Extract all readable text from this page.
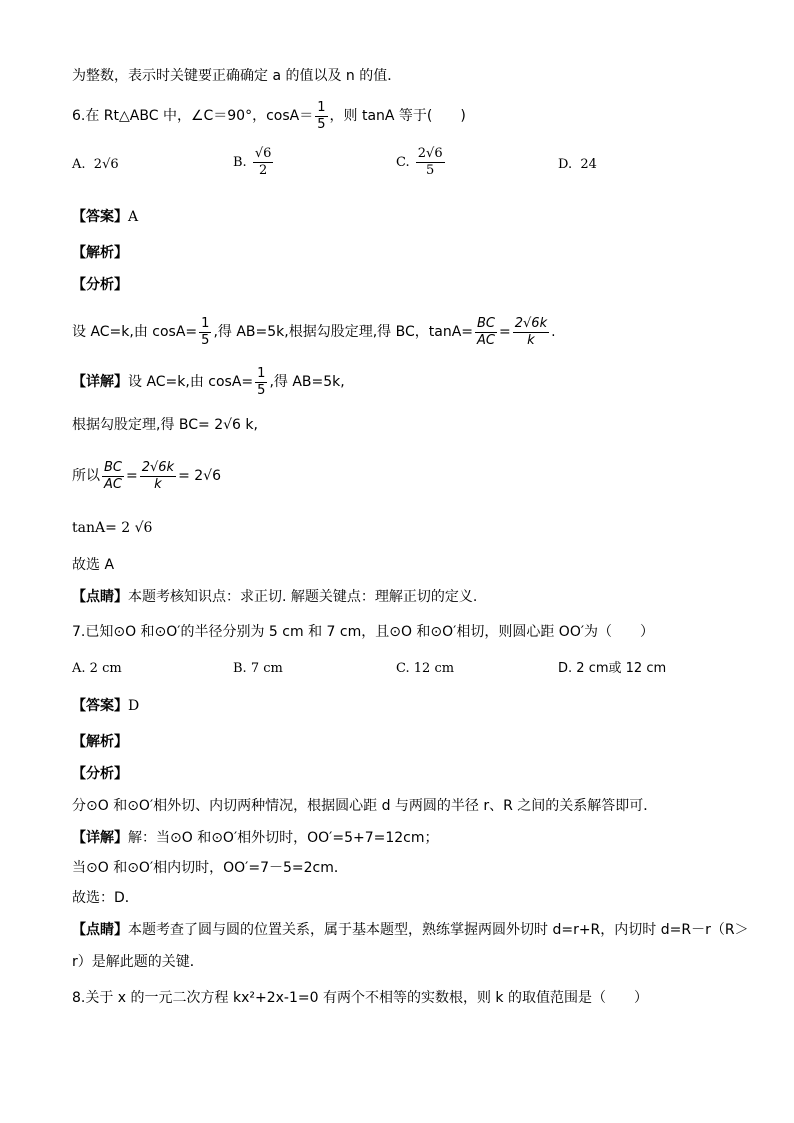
为整数，表示时关键要正确确定 a 的值以及 n 的值．
6.在 Rt△ABC 中，∠C＝90°，$\cos A= \frac{1}{5}$ ，则 tanA 等于(　　)
A. 2√6	B.
$\frac{√6}{2}$	C.
$\frac{2√6}{5}$	D. 24
【答案】A
【解析】
【分析】
设 AC=k,由 $\cos A= \frac{1}{5}$ ,得 AB=5k,根据勾股定理,得 BC，$\tan A= \frac{BC}{AC} = \frac{2√6k}{k}$ .
【详解】 设 AC=k,由 $\cos A= \frac{1}{5}$ ,得 AB=5k,
根据勾股定理,得 BC= 2√6 k,
所以 $\frac{BC}{AC} = \frac{2√6k}{k} = 2√6$
tanA= 2 √6
故选 A
【点睛】本题考核知识点：求正切. 解题关键点：理解正切的定义.
7.已知⊙O 和⊙O′的半径分别为 5 cm 和 7 cm，且⊙O 和⊙O′相切，则圆心距 OO′为（　　）
A. 2 cm	B. 7 cm	C. 12 cm	D. 2 cm或 12 cm
【答案】D
【解析】
【分析】
分⊙O 和⊙O′相外切、内切两种情况，根据圆心距 d 与两圆的半径 r、R 之间的关系解答即可．
【详解】解：当⊙O 和⊙O′相外切时，OO′=5+7=12cm；
当⊙O 和⊙O′相内切时，OO′=7－5=2cm．
故选：D．
【点睛】本题考查了圆与圆的位置关系，属于基本题型，熟练掌握两圆外切时 d=r+R，内切时 d=R－r（R＞
r）是解此题的关键．
8.关于 x 的一元二次方程 kx²+2x-1=0 有两个不相等的实数根，则 k 的取值范围是（　　）
